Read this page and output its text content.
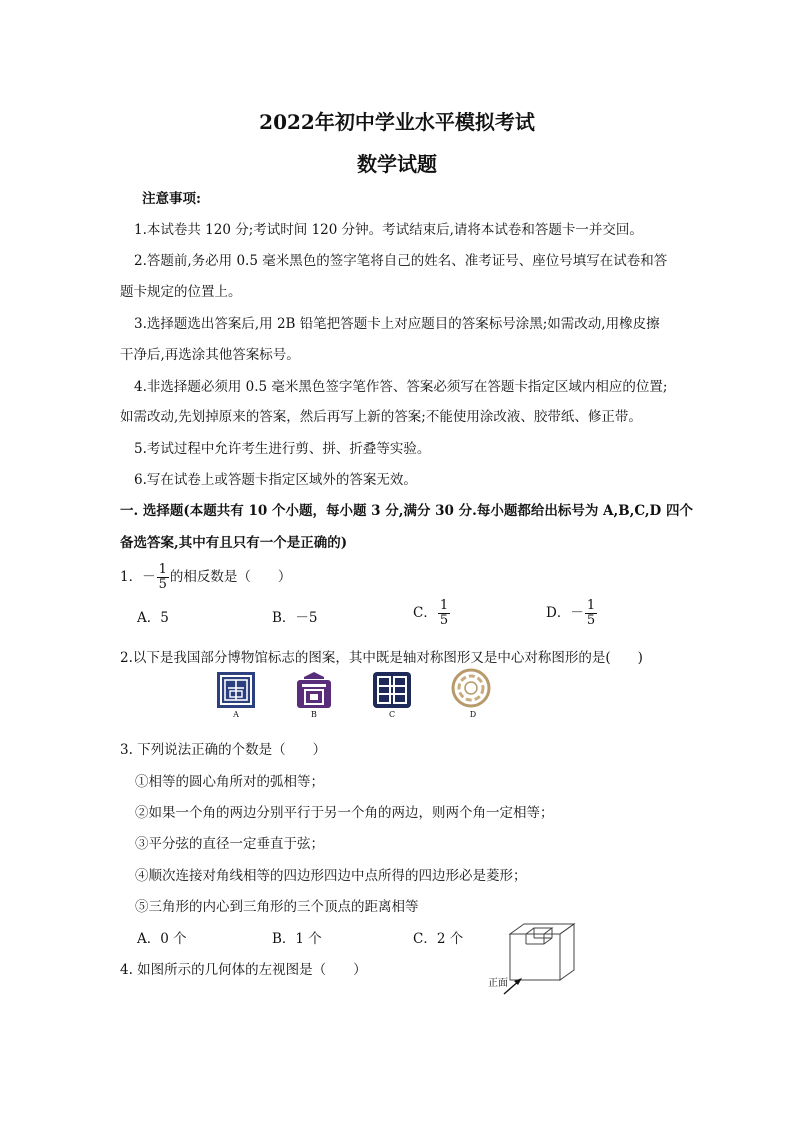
2022年初中学业水平模拟考试
数学试题
注意事项:
1.本试卷共 120 分;考试时间 120 分钟。考试结束后,请将本试卷和答题卡一并交回。
2.答题前,务必用 0.5 毫米黑色的签字笔将自己的姓名、准考证号、座位号填写在试卷和答
题卡规定的位置上。
3.选择题选出答案后,用 2B 铅笔把答题卡上对应题目的答案标号涂黑;如需改动,用橡皮擦
干净后,再选涂其他答案标号。
4.非选择题必须用 0.5 毫米黑色签字笔作答、答案必须写在答题卡指定区域内相应的位置;
如需改动,先划掉原来的答案，然后再写上新的答案;不能使用涂改液、胶带纸、修正带。
5.考试过程中允许考生进行剪、拼、折叠等实验。
6.写在试卷上或答题卡指定区域外的答案无效。
一. 选择题(本题共有 10 个小题，每小题 3 分,满分 30 分.每小题都给出标号为 A,B,C,D 四个
备选答案,其中有且只有一个是正确的)
1．－ $\frac{1}{5}$ 的相反数是（　　）
A．5	B．－5	C． $\frac{1}{5}$	D．－ $\frac{1}{5}$
2.以下是我国部分博物馆标志的图案，其中既是轴对称图形又是中心对称图形的是(　　)
A	B	C	D
3. 下列说法正确的个数是（　　）
①相等的圆心角所对的弧相等；
②如果一个角的两边分别平行于另一个角的两边，则两个角一定相等；
③平分弦的直径一定垂直于弦；
④顺次连接对角线相等的四边形四边中点所得的四边形必是菱形；
⑤三角形的内心到三角形的三个顶点的距离相等
A．0 个	B．1 个	C．2 个
4. 如图所示的几何体的左视图是（　　）
正面
